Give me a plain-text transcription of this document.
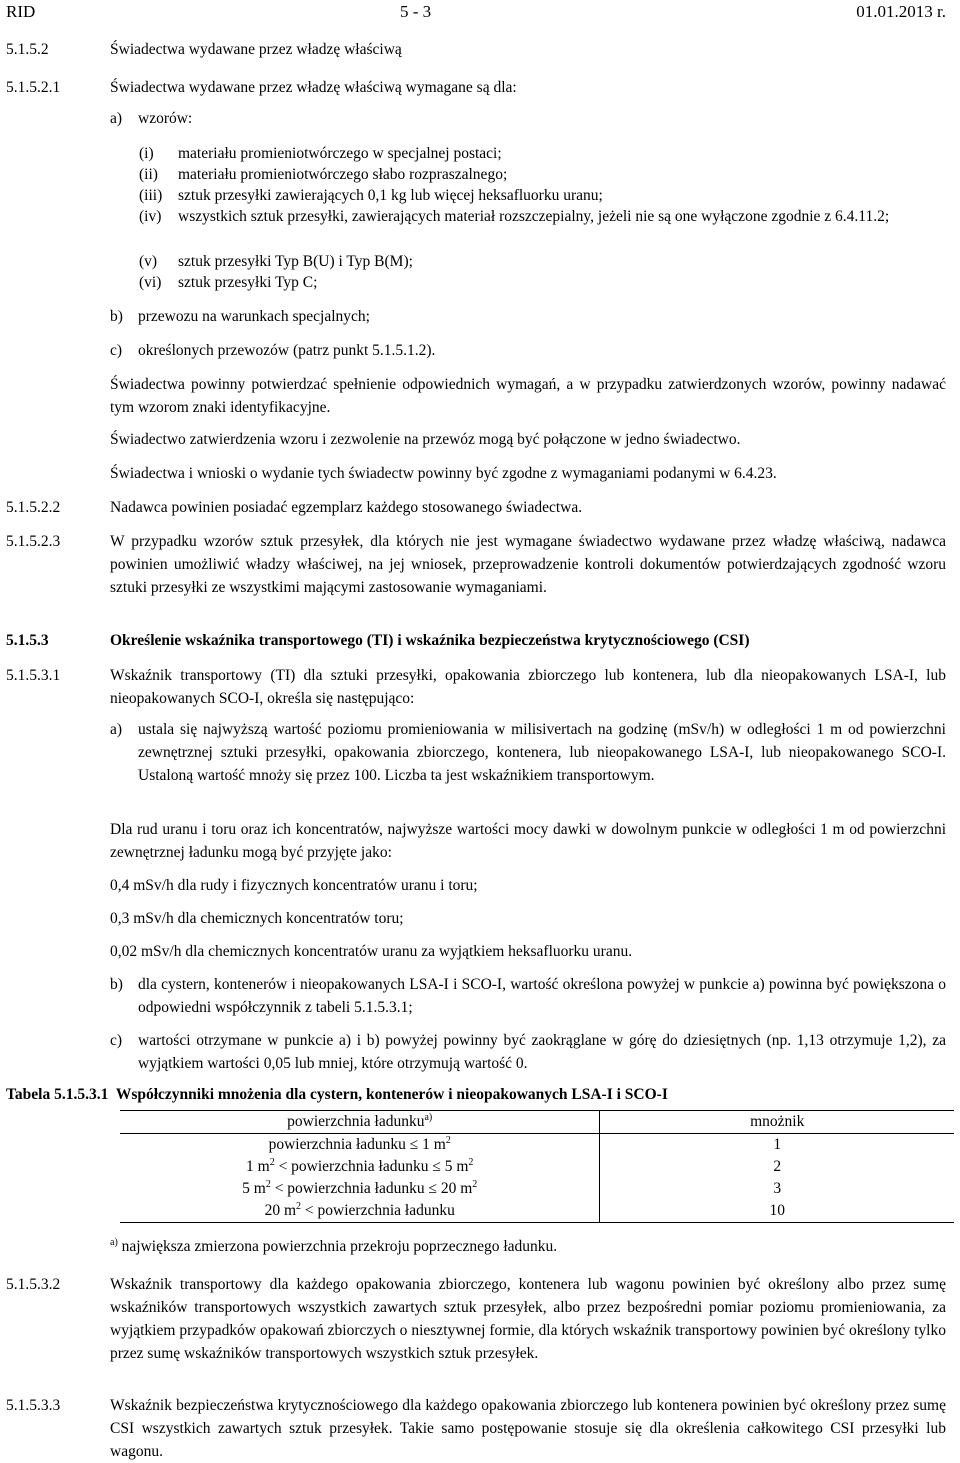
RID	5 - 3	01.01.2013 r.
5.1.5.2	Świadectwa wydawane przez władzę właściwą
5.1.5.2.1	Świadectwa wydawane przez władzę właściwą wymagane są dla:
a) wzorów:
(i) materiału promieniotwórczego w specjalnej postaci;
(ii) materiału promieniotwórczego słabo rozpraszalnego;
(iii) sztuk przesyłki zawierających 0,1 kg lub więcej heksafluorku uranu;
(iv) wszystkich sztuk przesyłki, zawierających materiał rozszczepialny, jeżeli nie są one wyłączone zgodnie z 6.4.11.2;
(v) sztuk przesyłki Typ B(U) i Typ B(M);
(vi) sztuk przesyłki Typ C;
b) przewozu na warunkach specjalnych;
c) określonych przewozów (patrz punkt 5.1.5.1.2).
Świadectwa powinny potwierdzać spełnienie odpowiednich wymagań, a w przypadku zatwierdzonych wzorów, powinny nadawać tym wzorom znaki identyfikacyjne.
Świadectwo zatwierdzenia wzoru i zezwolenie na przewóz mogą być połączone w jedno świadectwo.
Świadectwa i wnioski o wydanie tych świadectw powinny być zgodne z wymaganiami podanymi w 6.4.23.
5.1.5.2.2	Nadawca powinien posiadać egzemplarz każdego stosowanego świadectwa.
5.1.5.2.3	W przypadku wzorów sztuk przesyłek, dla których nie jest wymagane świadectwo wydawane przez władzę właściwą, nadawca powinien umożliwić władzy właściwej, na jej wniosek, przeprowadzenie kontroli dokumentów potwierdzających zgodność wzoru sztuki przesyłki ze wszystkimi mającymi zastosowanie wymaganiami.
5.1.5.3	Określenie wskaźnika transportowego (TI) i wskaźnika bezpieczeństwa krytycznościowego (CSI)
5.1.5.3.1	Wskaźnik transportowy (TI) dla sztuki przesyłki, opakowania zbiorczego lub kontenera, lub dla nieopakowanych LSA-I, lub nieopakowanych SCO-I, określa się następująco:
a) ustala się najwyższą wartość poziomu promieniowania w milisivertach na godzinę (mSv/h) w odległości 1 m od powierzchni zewnętrznej sztuki przesyłki, opakowania zbiorczego, kontenera, lub nieopakowanego LSA-I, lub nieopakowanego SCO-I. Ustaloną wartość mnoży się przez 100. Liczba ta jest wskaźnikiem transportowym.
Dla rud uranu i toru oraz ich koncentratów, najwyższe wartości mocy dawki w dowolnym punkcie w odległości 1 m od powierzchni zewnętrznej ładunku mogą być przyjęte jako:
0,4 mSv/h dla rudy i fizycznych koncentratów uranu i toru;
0,3 mSv/h dla chemicznych koncentratów toru;
0,02 mSv/h dla chemicznych koncentratów uranu za wyjątkiem heksafluorku uranu.
b) dla cystern, kontenerów i nieopakowanych LSA-I i SCO-I, wartość określona powyżej w punkcie a) powinna być powiększona o odpowiedni współczynnik z tabeli 5.1.5.3.1;
c) wartości otrzymane w punkcie a) i b) powyżej powinny być zaokrąglane w górę do dziesiętnych (np. 1,13 otrzymuje 1,2), za wyjątkiem wartości 0,05 lub mniej, które otrzymują wartość 0.
Tabela 5.1.5.3.1  Współczynniki mnożenia dla cystern, kontenerów i nieopakowanych LSA-I i SCO-I
powierzchnia ładunku$^{a)}$	mnożnik
powierzchnia ładunku ≤ 1 $m^2$	1
1 $m^2$ < powierzchnia ładunku ≤ 5 $m^2$	2
5 $m^2$ < powierzchnia ładunku ≤ 20 $m^2$	3
20 $m^2$ < powierzchnia ładunku	10
$^{a)}$ największa zmierzona powierzchnia przekroju poprzecznego ładunku.
5.1.5.3.2	Wskaźnik transportowy dla każdego opakowania zbiorczego, kontenera lub wagonu powinien być określony albo przez sumę wskaźników transportowych wszystkich zawartych sztuk przesyłek, albo przez bezpośredni pomiar poziomu promieniowania, za wyjątkiem przypadków opakowań zbiorczych o niesztywnej formie, dla których wskaźnik transportowy powinien być określony tylko przez sumę wskaźników transportowych wszystkich sztuk przesyłek.
5.1.5.3.3	Wskaźnik bezpieczeństwa krytycznościowego dla każdego opakowania zbiorczego lub kontenera powinien być określony przez sumę CSI wszystkich zawartych sztuk przesyłek. Takie samo postępowanie stosuje się dla określenia całkowitego CSI przesyłki lub wagonu.
